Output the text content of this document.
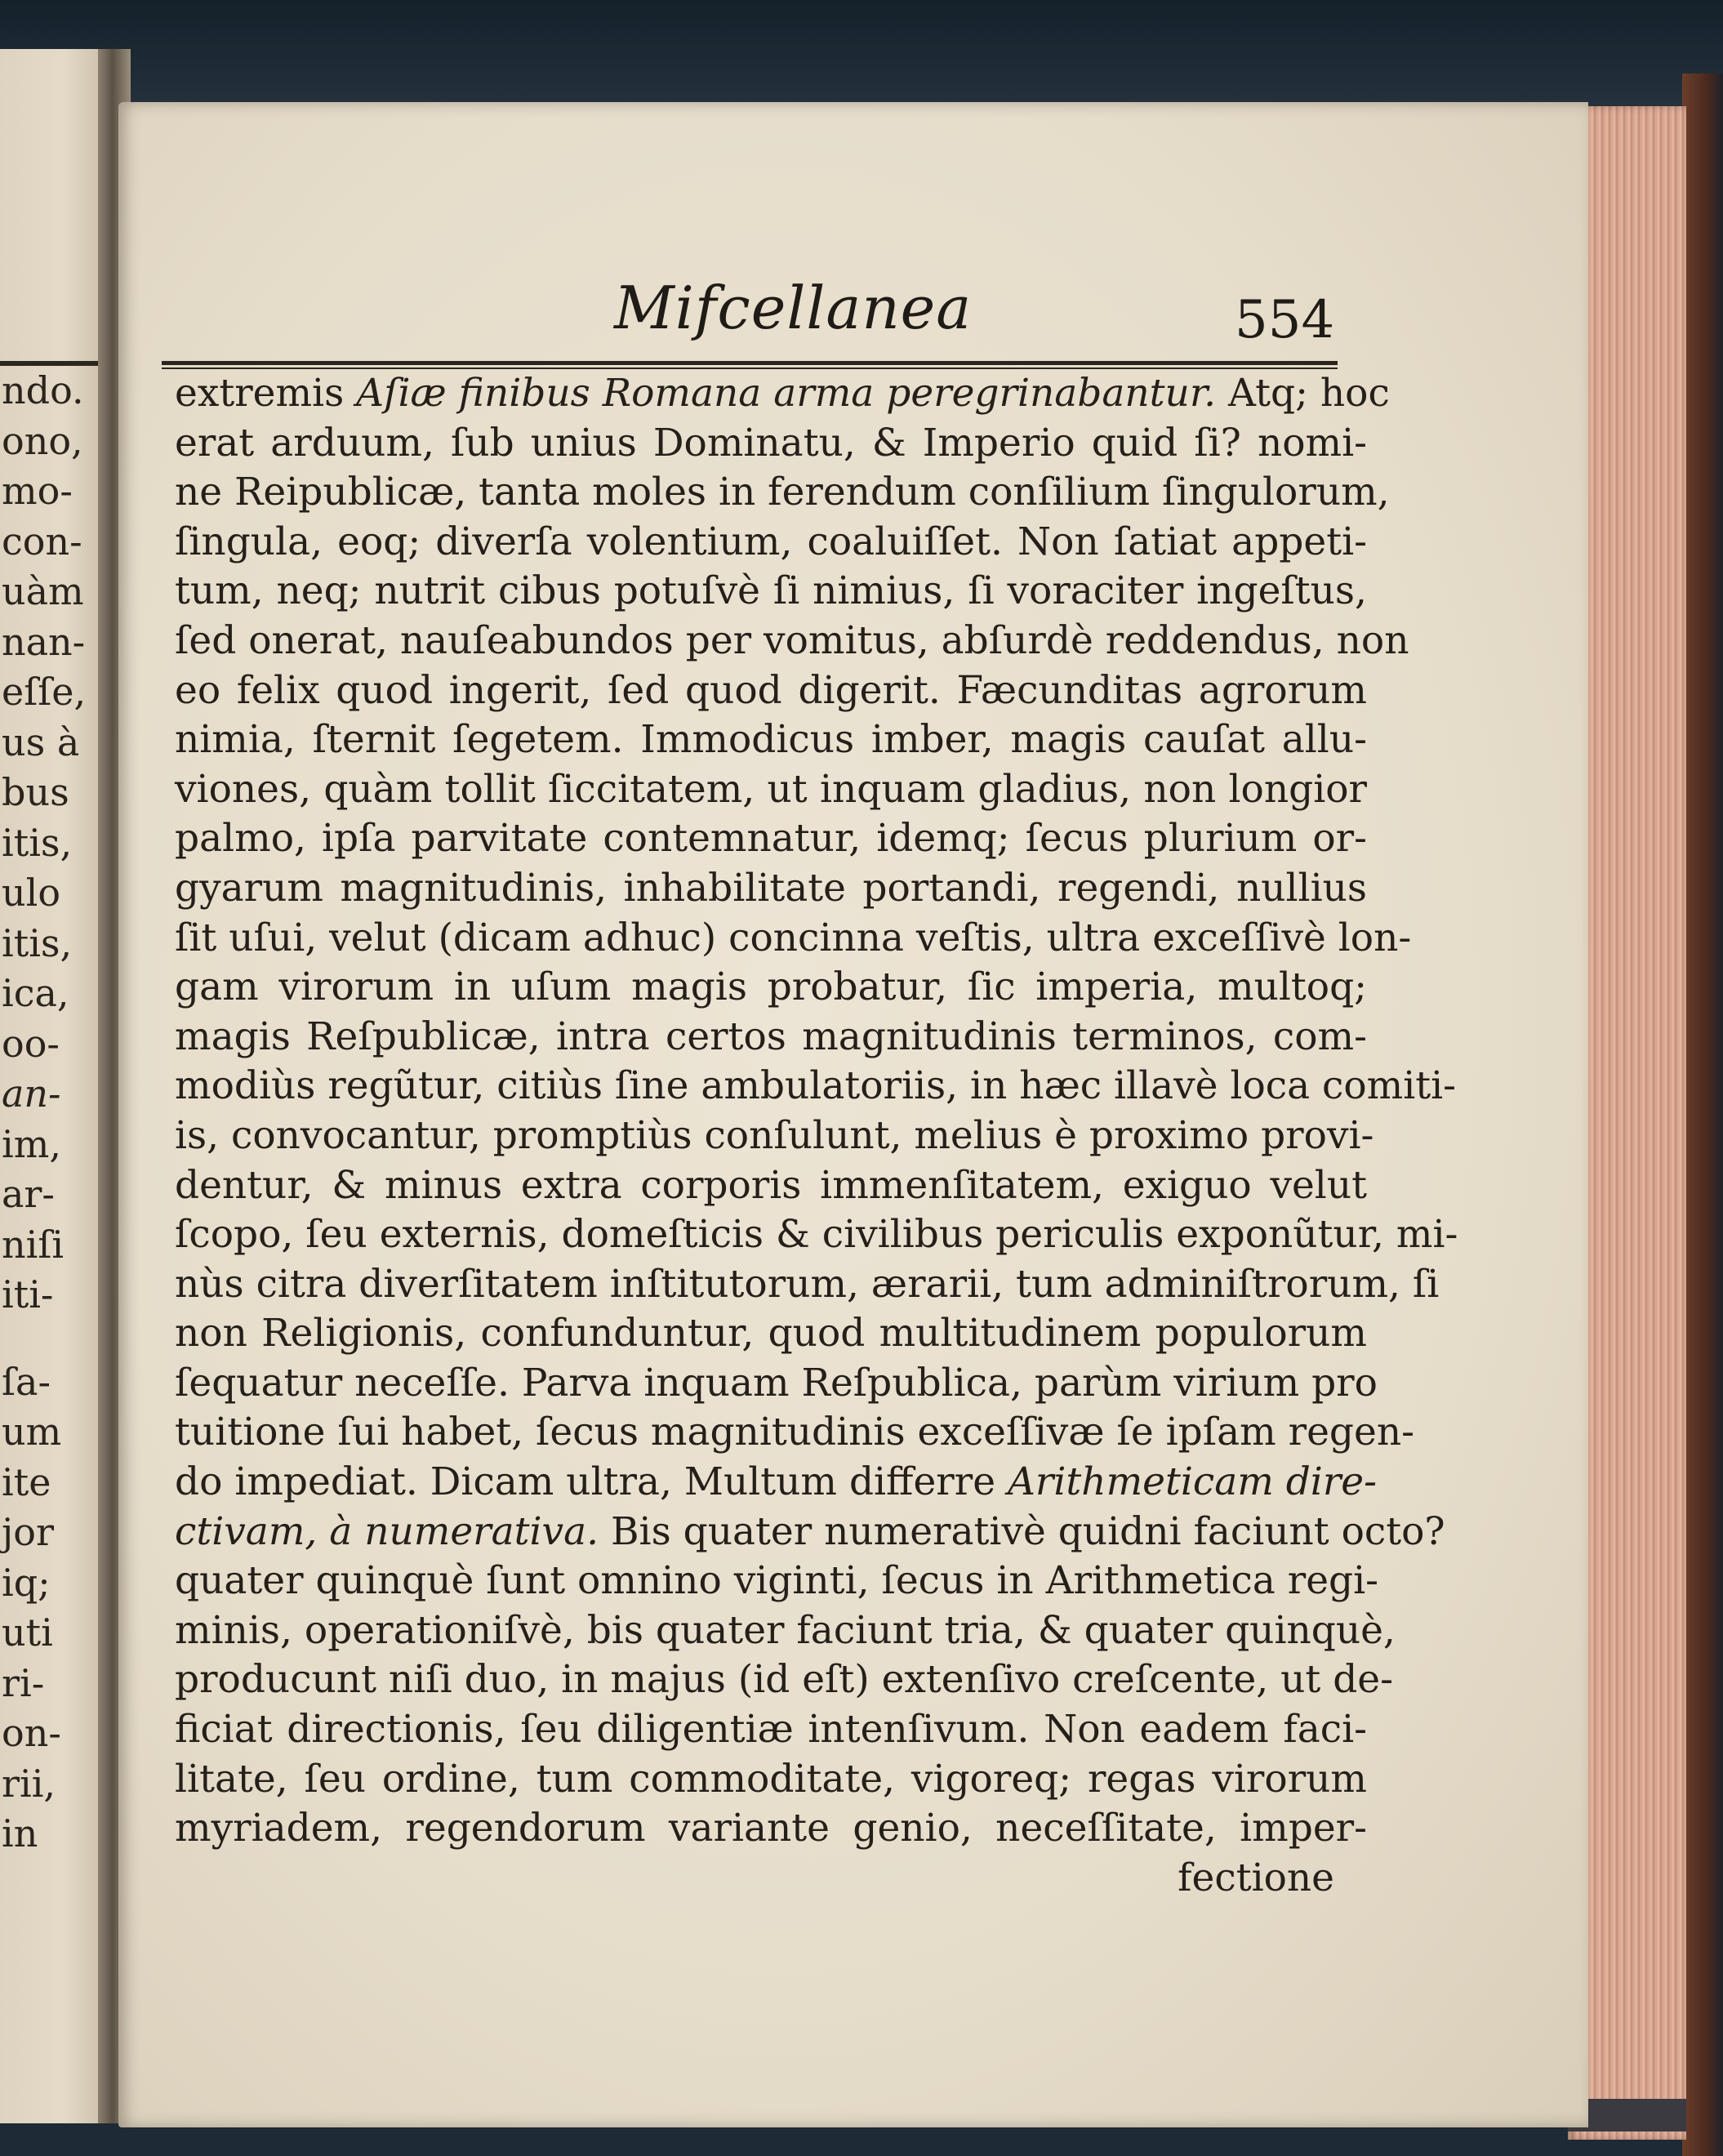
ndo.
ono,
mo-
con-
uàm
nan-
eſſe,
us à
bus
itis,
ulo
itis,
ica,
oo-
an-
im,
ar-
niſi
iti-
ſa-
um
ite
jor
iq;
uti
ri-
on-
rii,
in
Mifcellanea	554
extremis Aſiæ finibus Romana arma peregrinabantur. Atq; hoc
erat arduum, ſub unius Dominatu, & Imperio quid ſi? nomi-
ne Reipublicæ, tanta moles in ferendum conſilium ſingulorum,
ſingula, eoq; diverſa volentium, coaluiſſet. Non ſatiat appeti-
tum, neq; nutrit cibus potuſvè ſi nimius, ſi voraciter ingeſtus,
ſed onerat, nauſeabundos per vomitus, abſurdè reddendus, non
eo felix quod ingerit, ſed quod digerit. Fæcunditas agrorum
nimia, ſternit ſegetem. Immodicus imber, magis cauſat allu-
viones, quàm tollit ſiccitatem, ut inquam gladius, non longior
palmo, ipſa parvitate contemnatur, idemq; ſecus plurium or-
gyarum magnitudinis, inhabilitate portandi, regendi, nullius
ſit uſui, velut (dicam adhuc) concinna veſtis, ultra exceſſivè lon-
gam virorum in uſum magis probatur, ſic imperia, multoq;
magis Reſpublicæ, intra certos magnitudinis terminos, com-
modiùs regũtur, citiùs ſine ambulatoriis, in hæc illavè loca comiti-
is, convocantur, promptiùs conſulunt, melius è proximo provi-
dentur, & minus extra corporis immenſitatem, exiguo velut
ſcopo, ſeu externis, domeſticis & civilibus periculis exponũtur, mi-
nùs citra diverſitatem inſtitutorum, ærarii, tum adminiſtrorum, ſi
non Religionis, confunduntur, quod multitudinem populorum
ſequatur neceſſe. Parva inquam Reſpublica, parùm virium pro
tuitione ſui habet, ſecus magnitudinis exceſſivæ ſe ipſam regen-
do impediat. Dicam ultra, Multum differre Arithmeticam dire-
ctivam, à numerativa. Bis quater numerativè quidni faciunt octo?
quater quinquè ſunt omnino viginti, ſecus in Arithmetica regi-
minis, operationiſvè, bis quater faciunt tria, & quater quinquè,
producunt niſi duo, in majus (id eſt) extenſivo creſcente, ut de-
ficiat directionis, ſeu diligentiæ intenſivum. Non eadem faci-
litate, ſeu ordine, tum commoditate, vigoreq; regas virorum
myriadem, regendorum variante genio, neceſſitate, imper-
fectione
